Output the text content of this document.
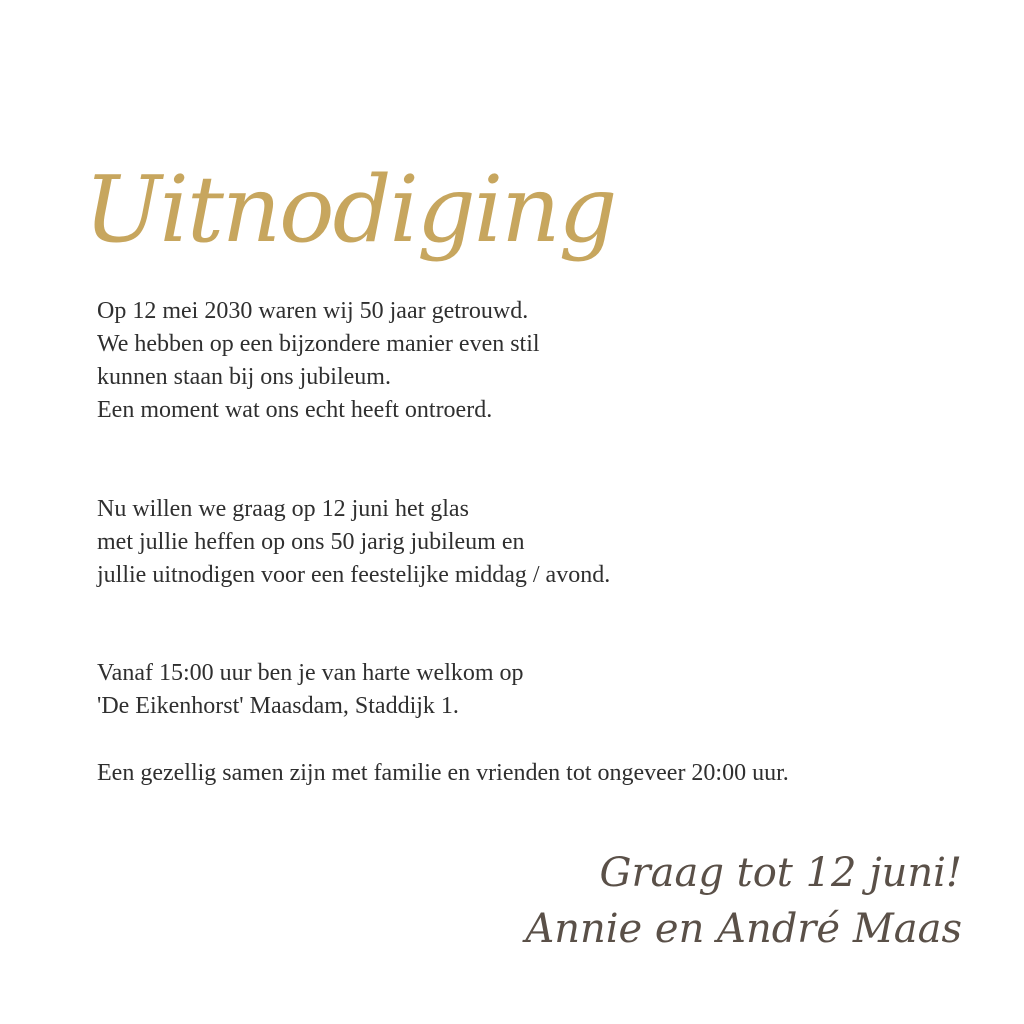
Uitnodiging

Op 12 mei 2030 waren wij 50 jaar getrouwd.
We hebben op een bijzondere manier even stil
kunnen staan bij ons jubileum.
Een moment wat ons echt heeft ontroerd.

Nu willen we graag op 12 juni het glas
met jullie heffen op ons 50 jarig jubileum en
jullie uitnodigen voor een feestelijke middag / avond.

Vanaf 15:00 uur ben je van harte welkom op
'De Eikenhorst' Maasdam, Staddijk 1.

Een gezellig samen zijn met familie en vrienden tot ongeveer 20:00 uur.

Graag tot 12 juni!
Annie en André Maas
